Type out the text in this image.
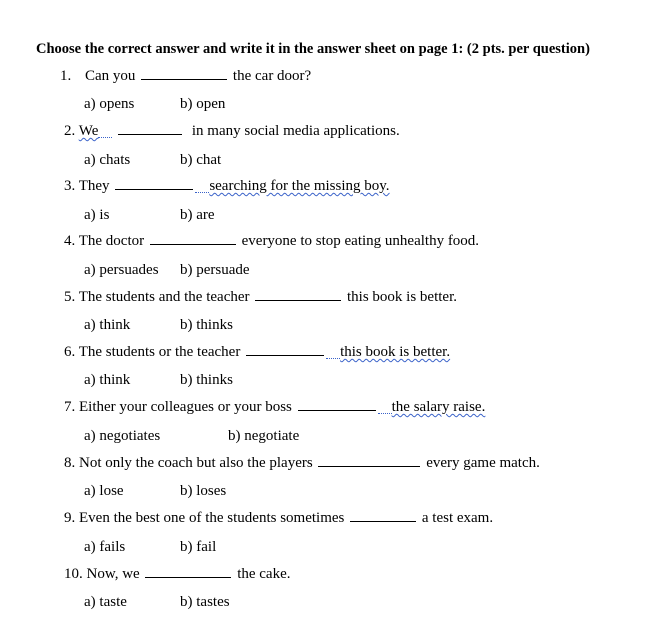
Choose the correct answer and write it in the answer sheet on page 1: (2 pts. per question)
1. Can you	the car door?
a) opens	b) open
2. We	in many social media applications.
a) chats	b) chat
3. They	searching for the missing boy.
a) is	b) are
4. The doctor	everyone to stop eating unhealthy food.
a) persuades b) persuade
5. The students and the teacher	this book is better.
a) think	b) thinks
6. The students or the teacher	this book is better.
a) think	b) thinks
7. Either your colleagues or your boss	the salary raise.
a) negotiates	b) negotiate
8. Not only the coach but also the players	every game match.
a) lose	b) loses
9. Even the best one of the students sometimes	a test exam.
a) fails	b) fail
10. Now, we	the cake.
a) taste	b) tastes
